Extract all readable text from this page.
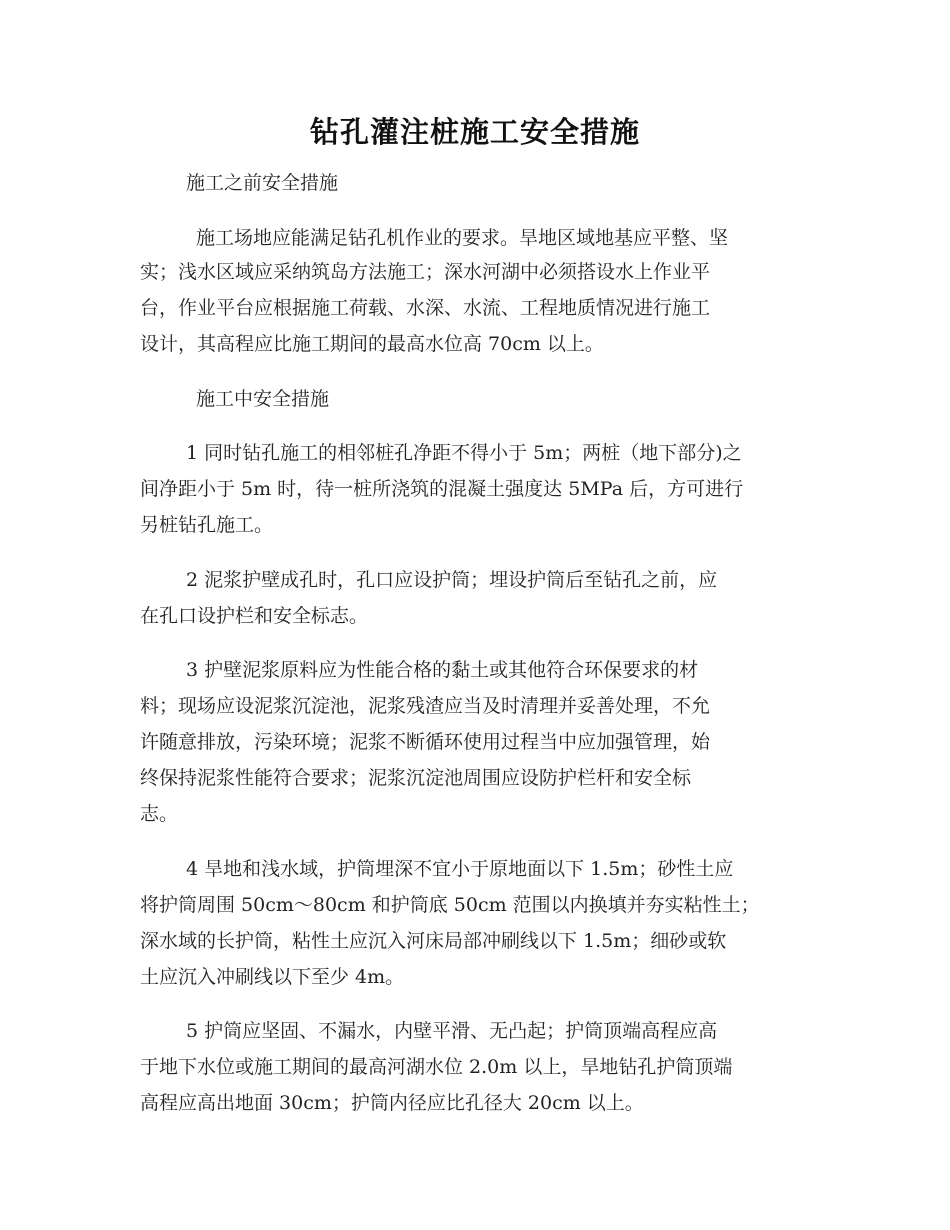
钻孔灌注桩施工安全措施
施工之前安全措施
施工场地应能满足钻孔机作业的要求。旱地区域地基应平整、坚
实；浅水区域应采纳筑岛方法施工；深水河湖中必须搭设水上作业平
台，作业平台应根据施工荷载、水深、水流、工程地质情况进行施工
设计，其高程应比施工期间的最高水位高 70cm 以上。
施工中安全措施
1 同时钻孔施工的相邻桩孔净距不得小于 5m；两桩（地下部分)之
间净距小于 5m 时，待一桩所浇筑的混凝土强度达 5MPa 后，方可进行
另桩钻孔施工。
2 泥浆护壁成孔时，孔口应设护筒；埋设护筒后至钻孔之前，应
在孔口设护栏和安全标志。
3 护壁泥浆原料应为性能合格的黏土或其他符合环保要求的材
料；现场应设泥浆沉淀池，泥浆残渣应当及时清理并妥善处理，不允
许随意排放，污染环境；泥浆不断循环使用过程当中应加强管理，始
终保持泥浆性能符合要求；泥浆沉淀池周围应设防护栏杆和安全标
志。
4 旱地和浅水域，护筒埋深不宜小于原地面以下 1.5m；砂性土应
将护筒周围 50cm～80cm 和护筒底 50cm 范围以内换填并夯实粘性土；
深水域的长护筒，粘性土应沉入河床局部冲刷线以下 1.5m；细砂或软
土应沉入冲刷线以下至少 4m。
5 护筒应坚固、不漏水，内壁平滑、无凸起；护筒顶端高程应高
于地下水位或施工期间的最高河湖水位 2.0m 以上，旱地钻孔护筒顶端
高程应高出地面 30cm；护筒内径应比孔径大 20cm 以上。
